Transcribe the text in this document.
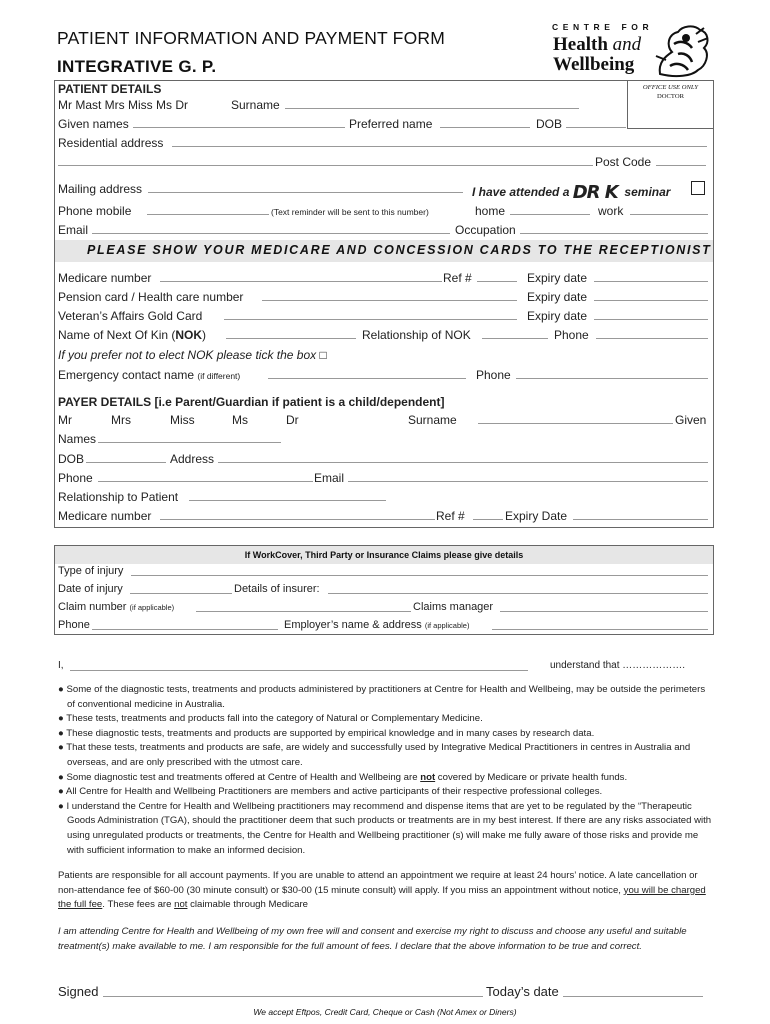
PATIENT INFORMATION AND PAYMENT FORM
INTEGRATIVE G. P.
CENTRE FOR
Health and
Wellbeing
OFFICE USE ONLY
DOCTOR
PATIENT DETAILS
Mr Mast Mrs Miss Ms Dr	Surname
Given names	Preferred name	DOB
Residential address
Post Code
Mailing address	I have attended a DR K seminar
Phone mobile	(Text reminder will be sent to this number)	home	work
Email	Occupation
PLEASE SHOW YOUR MEDICARE AND CONCESSION CARDS TO THE RECEPTIONIST
Medicare number	Ref #	Expiry date
Pension card / Health care number	Expiry date
Veteran’s Affairs Gold Card	Expiry date
Name of Next Of Kin (NOK)	Relationship of NOK	Phone
If you prefer not to elect NOK please tick the box □
Emergency contact name (if different)	Phone
PAYER DETAILS [i.e Parent/Guardian if patient is a child/dependent]
Mr	Mrs	Miss	Ms	Dr	Surname	Given
Names
DOB	Address
Phone	Email
Relationship to Patient
Medicare number	Ref #	Expiry Date
If WorkCover, Third Party or Insurance Claims please give details
Type of injury
Date of injury	Details of insurer:
Claim number (if applicable)	Claims manager
Phone	Employer’s name & address (if applicable)
I,	understand that ……………….
● Some of the diagnostic tests, treatments and products administered by practitioners at Centre for Health and Wellbeing, may be outside the perimeters of conventional medicine in Australia.
● These tests, treatments and products fall into the category of Natural or Complementary Medicine.
● These diagnostic tests, treatments and products are supported by empirical knowledge and in many cases by research data.
● That these tests, treatments and products are safe, are widely and successfully used by Integrative Medical Practitioners in centres in Australia and overseas, and are only prescribed with the utmost care.
● Some diagnostic test and treatments offered at Centre of Health and Wellbeing are not covered by Medicare or private health funds.
● All Centre for Health and Wellbeing Practitioners are members and active participants of their respective professional colleges.
● I understand the Centre for Health and Wellbeing practitioners may recommend and dispense items that are yet to be regulated by the “Therapeutic Goods Administration (TGA), should the practitioner deem that such products or treatments are in my best interest. If there are any risks associated with using unregulated products or treatments, the Centre for Health and Wellbeing practitioner (s) will make me fully aware of those risks and provide me with sufficient information to make an informed decision.
Patients are responsible for all account payments. If you are unable to attend an appointment we require at least 24 hours’ notice. A late cancellation or non-attendance fee of $60-00 (30 minute consult) or $30-00 (15 minute consult) will apply. If you miss an appointment without notice, you will be charged the full fee. These fees are not claimable through Medicare
I am attending Centre for Health and Wellbeing of my own free will and consent and exercise my right to discuss and choose any useful and suitable treatment(s) make available to me. I am responsible for the full amount of fees. I declare that the above information to be true and correct.
Signed	Today’s date
We accept Eftpos, Credit Card, Cheque or Cash (Not Amex or Diners)
